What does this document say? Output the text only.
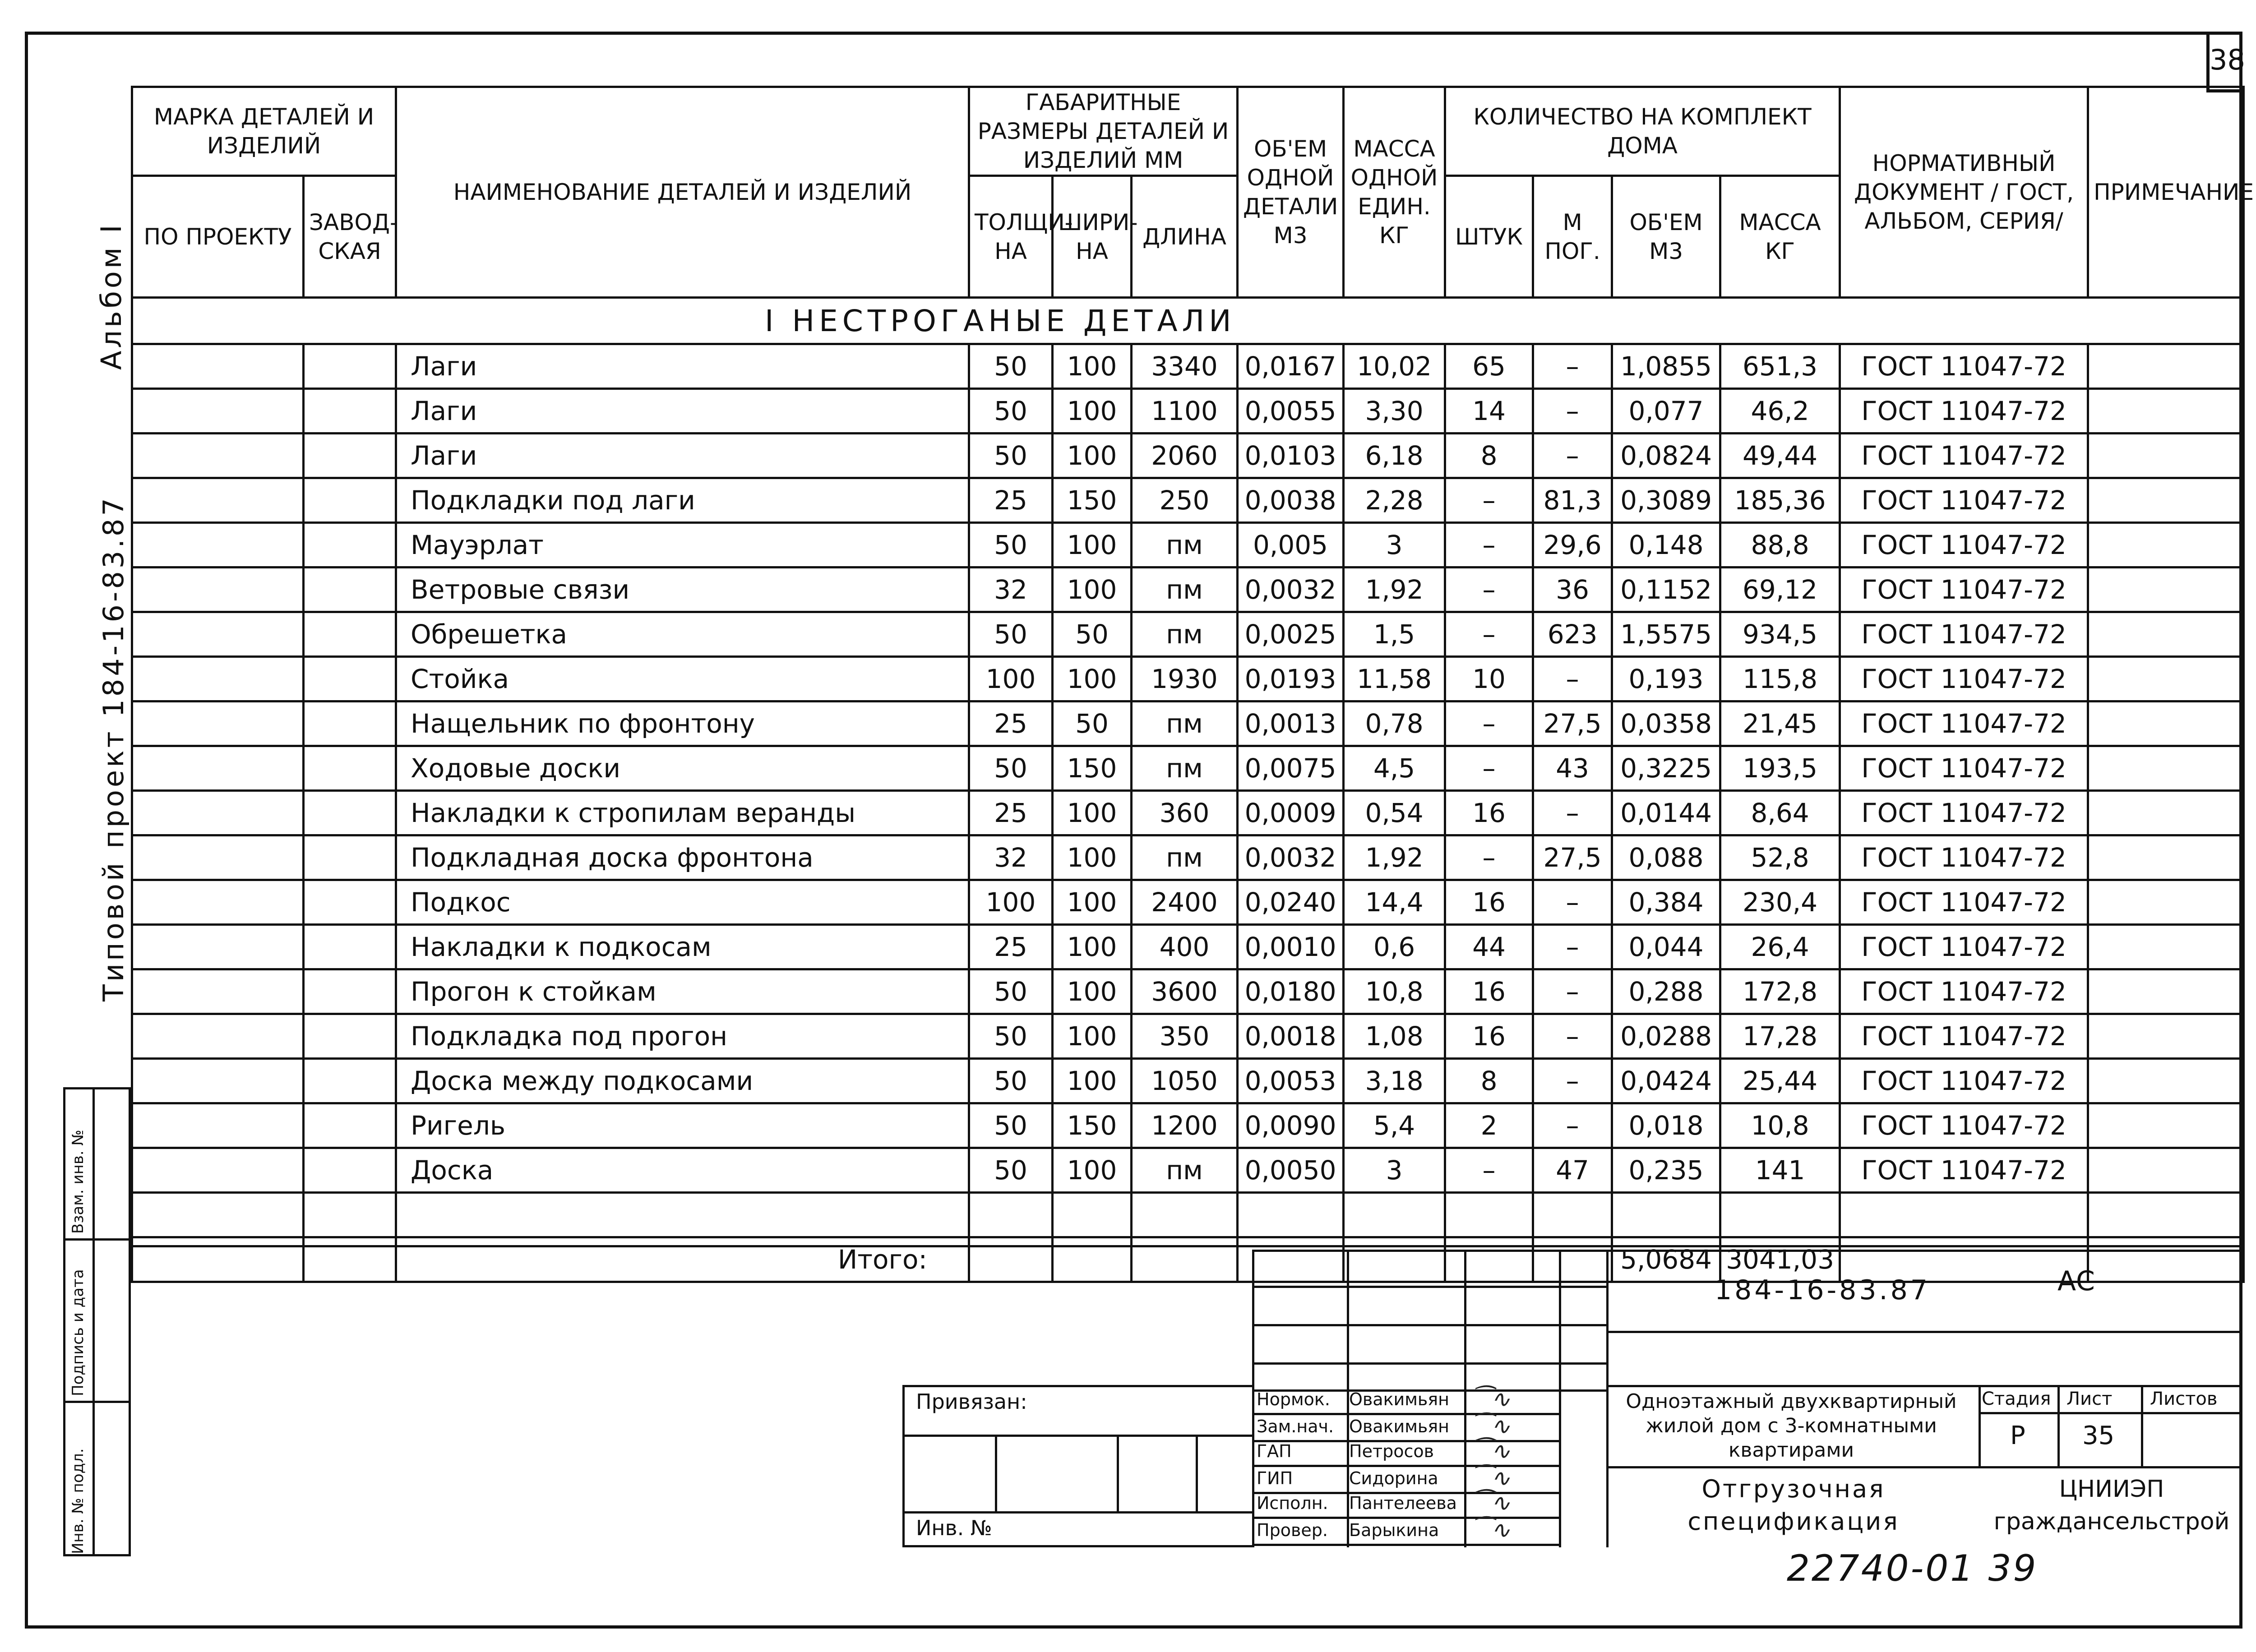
38
Альбом I
Типовой проект 184-16-83.87
Инв. № подл.
Подпись и дата
Взам. инв. №
МАРКА ДЕТАЛЕЙ И ИЗДЕЛИЙ		НАИМЕНОВАНИЕ ДЕТАЛЕЙ И ИЗДЕЛИЙ	ГАБАРИТНЫЕ РАЗМЕРЫ ДЕТАЛЕЙ И ИЗДЕЛИЙ ММ			ОБ'ЕМ ОДНОЙ ДЕТАЛИ М3	МАССА ОДНОЙ ЕДИН. КГ	КОЛИЧЕСТВО НА КОМПЛЕКТ ДОМА				НОРМАТИВНЫЙ ДОКУМЕНТ / ГОСТ, АЛЬБОМ, СЕРИЯ/	ПРИМЕЧАНИЕ
ПО ПРОЕКТУ	ЗАВОД-СКАЯ		ТОЛЩИ-НА	ШИРИ-НА	ДЛИНА			ШТУК	М ПОГ.	ОБ'ЕМ М3	МАССА КГ		
I НЕСТРОГАНЫЕ ДЕТАЛИ													
		Лаги	50	100	3340	0,0167	10,02	65	–	1,0855	651,3	ГОСТ 11047-72	
		Лаги	50	100	1100	0,0055	3,30	14	–	0,077	46,2	ГОСТ 11047-72	
		Лаги	50	100	2060	0,0103	6,18	8	–	0,0824	49,44	ГОСТ 11047-72	
		Подкладки под лаги	25	150	250	0,0038	2,28	–	81,3	0,3089	185,36	ГОСТ 11047-72	
		Мауэрлат	50	100	пм	0,005	3	–	29,6	0,148	88,8	ГОСТ 11047-72	
		Ветровые связи	32	100	пм	0,0032	1,92	–	36	0,1152	69,12	ГОСТ 11047-72	
		Обрешетка	50	50	пм	0,0025	1,5	–	623	1,5575	934,5	ГОСТ 11047-72	
		Стойка	100	100	1930	0,0193	11,58	10	–	0,193	115,8	ГОСТ 11047-72	
		Нащельник по фронтону	25	50	пм	0,0013	0,78	–	27,5	0,0358	21,45	ГОСТ 11047-72	
		Ходовые доски	50	150	пм	0,0075	4,5	–	43	0,3225	193,5	ГОСТ 11047-72	
		Накладки к стропилам веранды	25	100	360	0,0009	0,54	16	–	0,0144	8,64	ГОСТ 11047-72	
		Подкладная доска фронтона	32	100	пм	0,0032	1,92	–	27,5	0,088	52,8	ГОСТ 11047-72	
		Подкос	100	100	2400	0,0240	14,4	16	–	0,384	230,4	ГОСТ 11047-72	
		Накладки к подкосам	25	100	400	0,0010	0,6	44	–	0,044	26,4	ГОСТ 11047-72	
		Прогон к стойкам	50	100	3600	0,0180	10,8	16	–	0,288	172,8	ГОСТ 11047-72	
		Подкладка под прогон	50	100	350	0,0018	1,08	16	–	0,0288	17,28	ГОСТ 11047-72	
		Доска между подкосами	50	100	1050	0,0053	3,18	8	–	0,0424	25,44	ГОСТ 11047-72	
		Ригель	50	150	1200	0,0090	5,4	2	–	0,018	10,8	ГОСТ 11047-72	
		Доска	50	100	пм	0,0050	3	–	47	0,235	141	ГОСТ 11047-72	

		Итого:								5,0684	3041,03		
Привязан:
Инв. №
Нормок. Овакимьян ⁀∿
Зам.нач. Овакимьян ⁀∿
ГАП	Петросов ⁀∿
ГИП	Сидорина ⁀∿
Исполн. Пантелеева ⁀∿
Провер. Барыкина ⁀∿
184-16-83.87	АС
Одноэтажный двухквартирный жилой дом с 3-комнатными квартирами
Отгрузочная спецификация
Стадия Лист Листов
Р 35
ЦНИИЭП граждансельстрой
22740-01 39
